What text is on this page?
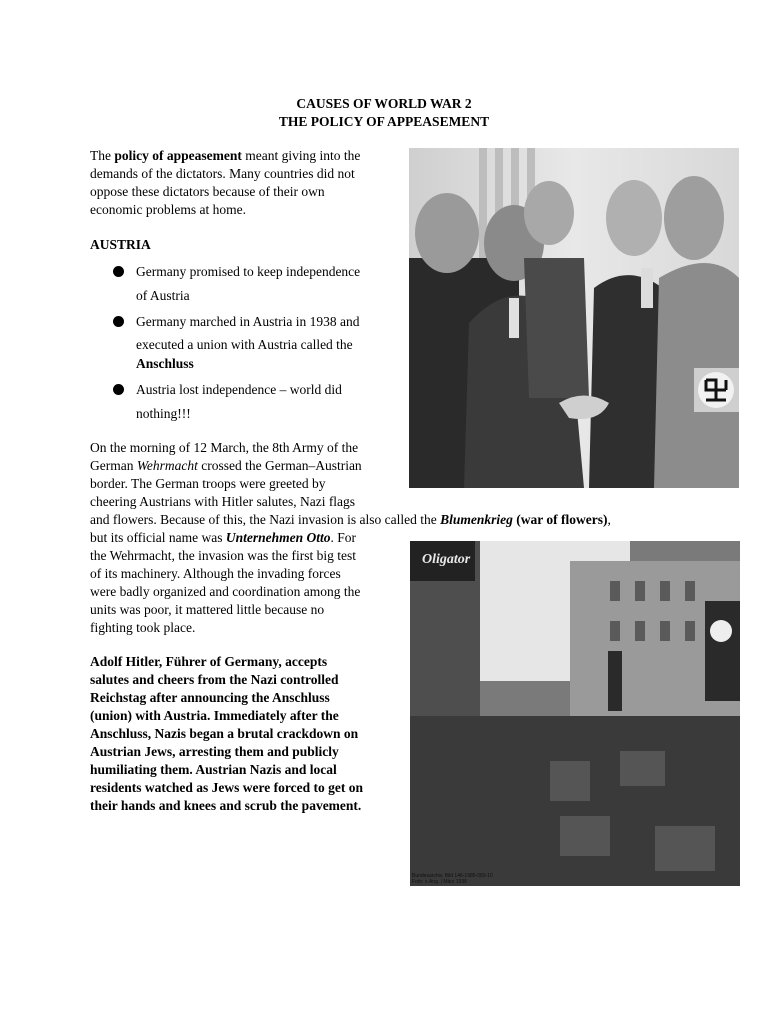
CAUSES OF WORLD WAR 2
THE POLICY OF APPEASEMENT
The policy of appeasement meant giving into the
demands of the dictators. Many countries did not
oppose these dictators because of their own
economic problems at home.
AUSTRIA
Germany promised to keep independence
of Austria
Germany marched in Austria in 1938 and
executed a union with Austria called the
Anschluss
Austria lost independence – world did
nothing!!!
On the morning of 12 March, the 8th Army of the
German Wehrmacht crossed the German–Austrian
border. The German troops were greeted by
cheering Austrians with Hitler salutes, Nazi flags
and flowers. Because of this, the Nazi invasion is also called the Blumenkrieg (war of flowers),
but its official name was Unternehmen Otto. For
the Wehrmacht, the invasion was the first big test
of its machinery. Although the invading forces
were badly organized and coordination among the
units was poor, it mattered little because no
fighting took place.
Adolf Hitler, Führer of Germany, accepts
salutes and cheers from the Nazi controlled
Reichstag after announcing the Anschluss
(union) with Austria. Immediately after the
Anschluss, Nazis began a brutal crackdown on
Austrian Jews, arresting them and publicly
humiliating them. Austrian Nazis and local
residents watched as Jews were forced to get on
their hands and knees and scrub the pavement.
Oligator
Bundesarchiv, Bild 146-1985-083-10
Foto: o.Ang. | März 1938
